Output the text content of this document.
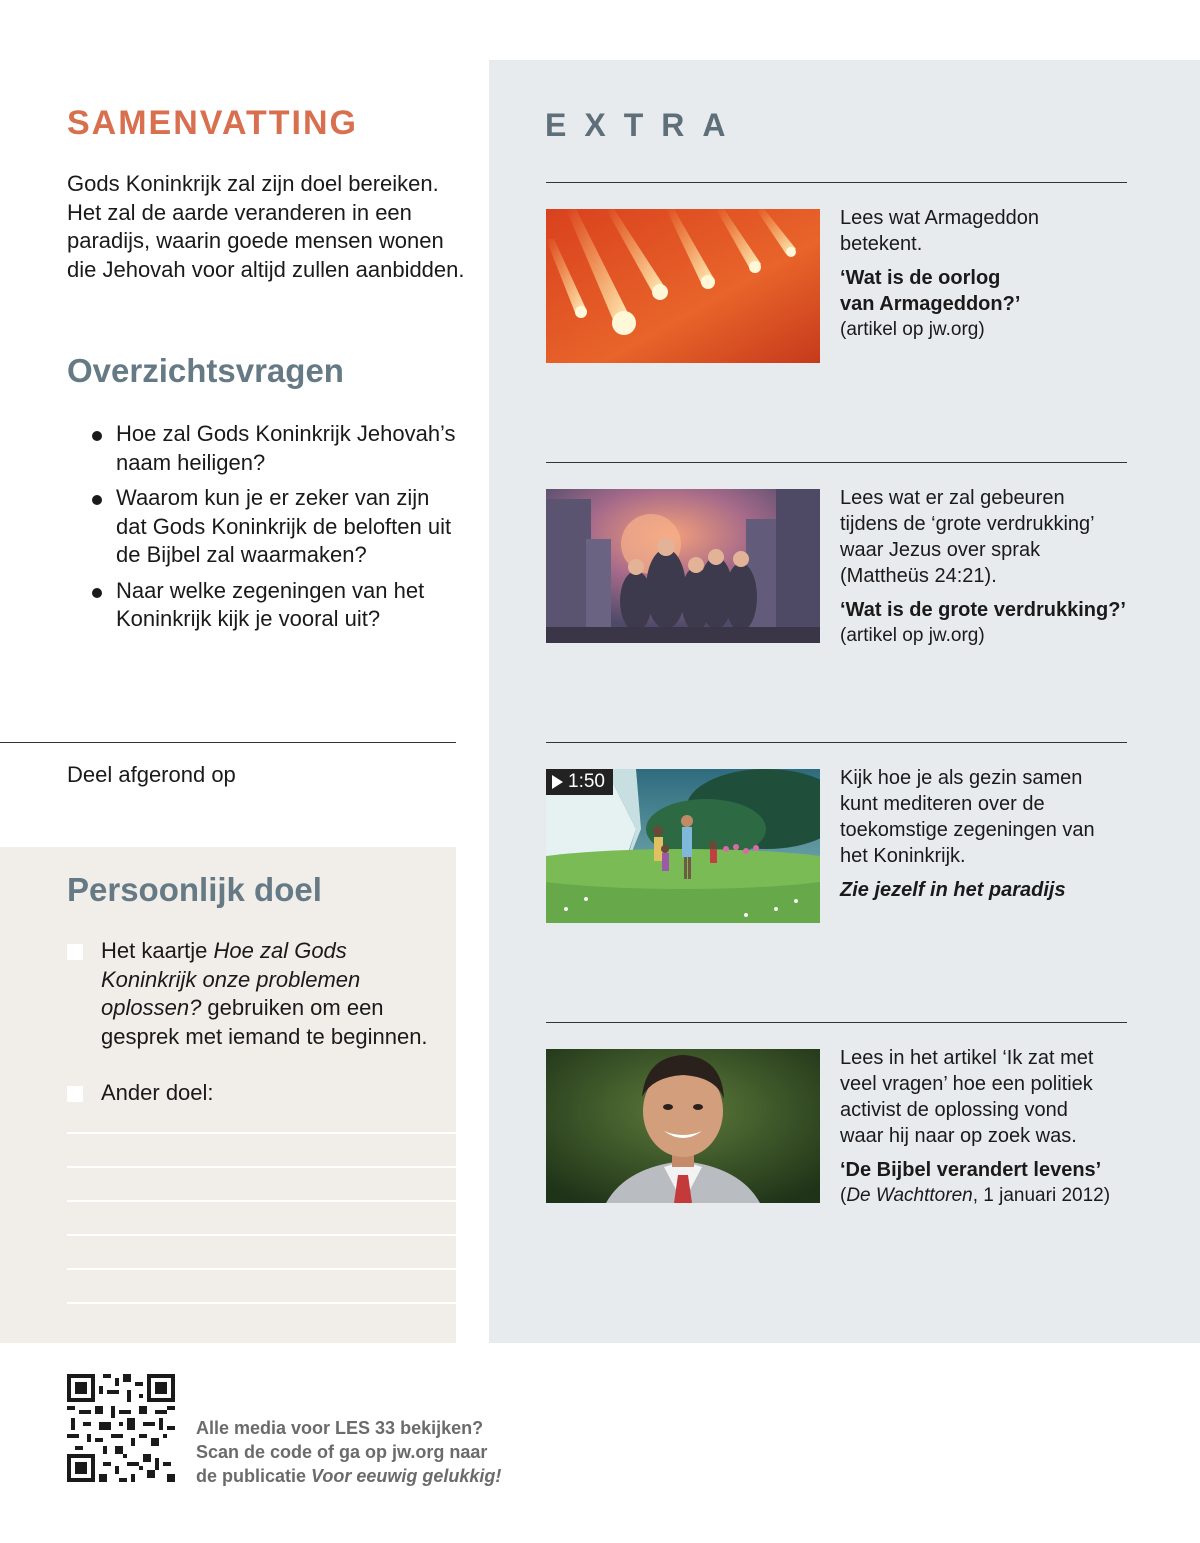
SAMENVATTING

Gods Koninkrijk zal zijn doel bereiken. Het zal de aarde veranderen in een paradijs, waarin goede mensen wonen die Jehovah voor altijd zullen aanbidden.

Overzichtsvragen
Hoe zal Gods Koninkrijk Jehovah’s naam heiligen?
Waarom kun je er zeker van zijn dat Gods Koninkrijk de beloften uit de Bijbel zal waarmaken?
Naar welke zegeningen van het Koninkrijk kijk je vooral uit?

Deel afgerond op

Persoonlijk doel
Het kaartje Hoe zal Gods Koninkrijk onze problemen oplossen? gebruiken om een gesprek met iemand te beginnen.
Ander doel:
EXTRA

Lees wat Armageddon betekent.

‘Wat is de oorlog van Armageddon?’

(artikel op jw.org)

Lees wat er zal gebeuren tijdens de ‘grote verdrukking’ waar Jezus over sprak (Mattheüs 24:21).

‘Wat is de grote verdrukking?’

(artikel op jw.org)

1:50	Kijk hoe je als gezin samen kunt mediteren over de toekomstige zegeningen van het Koninkrijk.

Zie jezelf in het paradijs

Lees in het artikel ‘Ik zat met veel vragen’ hoe een politiek activist de oplossing vond waar hij naar op zoek was.

‘De Bijbel verandert levens’

(De Wachttoren, 1 januari 2012)

Alle media voor LES 33 bekijken?

Scan de code of ga op jw.org naar

de publicatie Voor eeuwig gelukkig!
